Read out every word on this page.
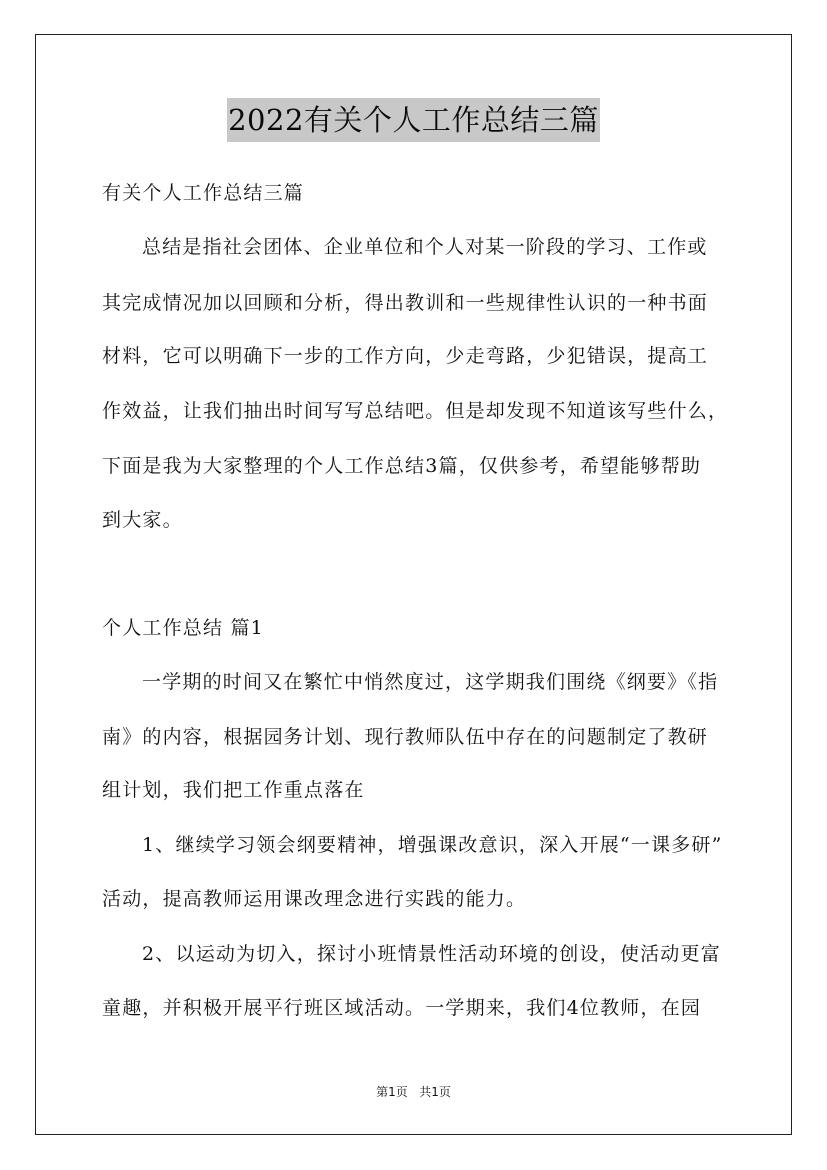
2022有关个人工作总结三篇
有关个人工作总结三篇
总结是指社会团体、企业单位和个人对某一阶段的学习、工作或
其完成情况加以回顾和分析，得出教训和一些规律性认识的一种书面
材料，它可以明确下一步的工作方向，少走弯路，少犯错误，提高工
作效益，让我们抽出时间写写总结吧。但是却发现不知道该写些什么，
下面是我为大家整理的个人工作总结3篇，仅供参考，希望能够帮助
到大家。
个人工作总结 篇1
一学期的时间又在繁忙中悄然度过，这学期我们围绕《纲要》《指
南》的内容，根据园务计划、现行教师队伍中存在的问题制定了教研
组计划，我们把工作重点落在
1、继续学习领会纲要精神，增强课改意识，深入开展“一课多研”
活动，提高教师运用课改理念进行实践的能力。
2、以运动为切入，探讨小班情景性活动环境的创设，使活动更富
童趣，并积极开展平行班区域活动。一学期来，我们4位教师，在园
第1页   共1页
